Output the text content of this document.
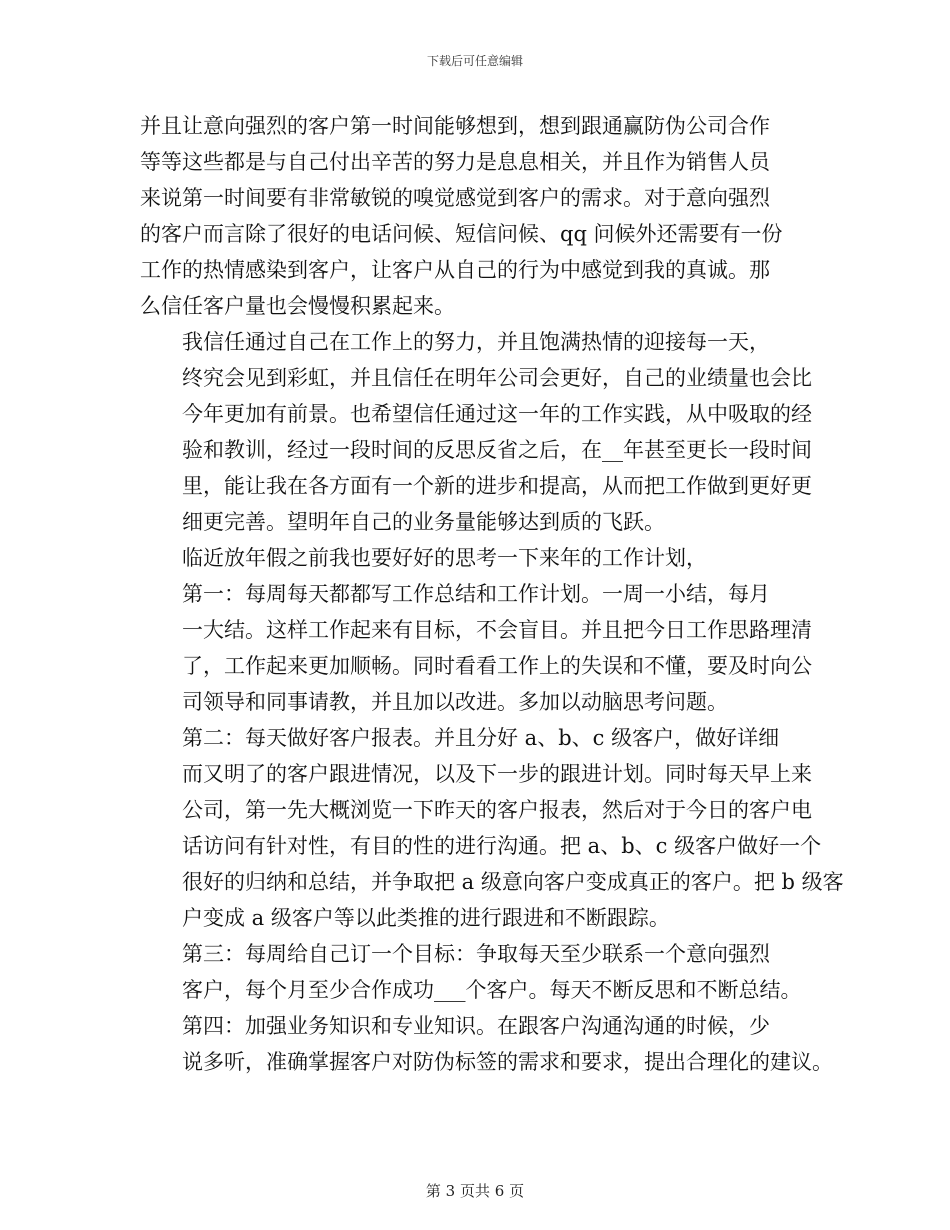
下载后可任意编辑

并且让意向强烈的客户第一时间能够想到，想到跟通赢防伪公司合作
等等这些都是与自己付出辛苦的努力是息息相关，并且作为销售人员
来说第一时间要有非常敏锐的嗅觉感觉到客户的需求。对于意向强烈
的客户而言除了很好的电话问候、短信问候、qq 问候外还需要有一份
工作的热情感染到客户，让客户从自己的行为中感觉到我的真诚。那
么信任客户量也会慢慢积累起来。

我信任通过自己在工作上的努力，并且饱满热情的迎接每一天，
终究会见到彩虹，并且信任在明年公司会更好，自己的业绩量也会比
今年更加有前景。也希望信任通过这一年的工作实践，从中吸取的经
验和教训，经过一段时间的反思反省之后，在__年甚至更长一段时间
里，能让我在各方面有一个新的进步和提高，从而把工作做到更好更
细更完善。望明年自己的业务量能够达到质的飞跃。

临近放年假之前我也要好好的思考一下来年的工作计划，

第一：每周每天都都写工作总结和工作计划。一周一小结，每月
一大结。这样工作起来有目标，不会盲目。并且把今日工作思路理清
了，工作起来更加顺畅。同时看看工作上的失误和不懂，要及时向公
司领导和同事请教，并且加以改进。多加以动脑思考问题。

第二：每天做好客户报表。并且分好 a、b、c 级客户，做好详细
而又明了的客户跟进情况，以及下一步的跟进计划。同时每天早上来
公司，第一先大概浏览一下昨天的客户报表，然后对于今日的客户电
话访问有针对性，有目的性的进行沟通。把 a、b、c 级客户做好一个
很好的归纳和总结，并争取把 a 级意向客户变成真正的客户。把 b 级客
户变成 a 级客户等以此类推的进行跟进和不断跟踪。

第三：每周给自己订一个目标：争取每天至少联系一个意向强烈
客户，每个月至少合作成功___个客户。每天不断反思和不断总结。

第四：加强业务知识和专业知识。在跟客户沟通沟通的时候，少
说多听，准确掌握客户对防伪标签的需求和要求，提出合理化的建议。

第 3 页共 6 页
